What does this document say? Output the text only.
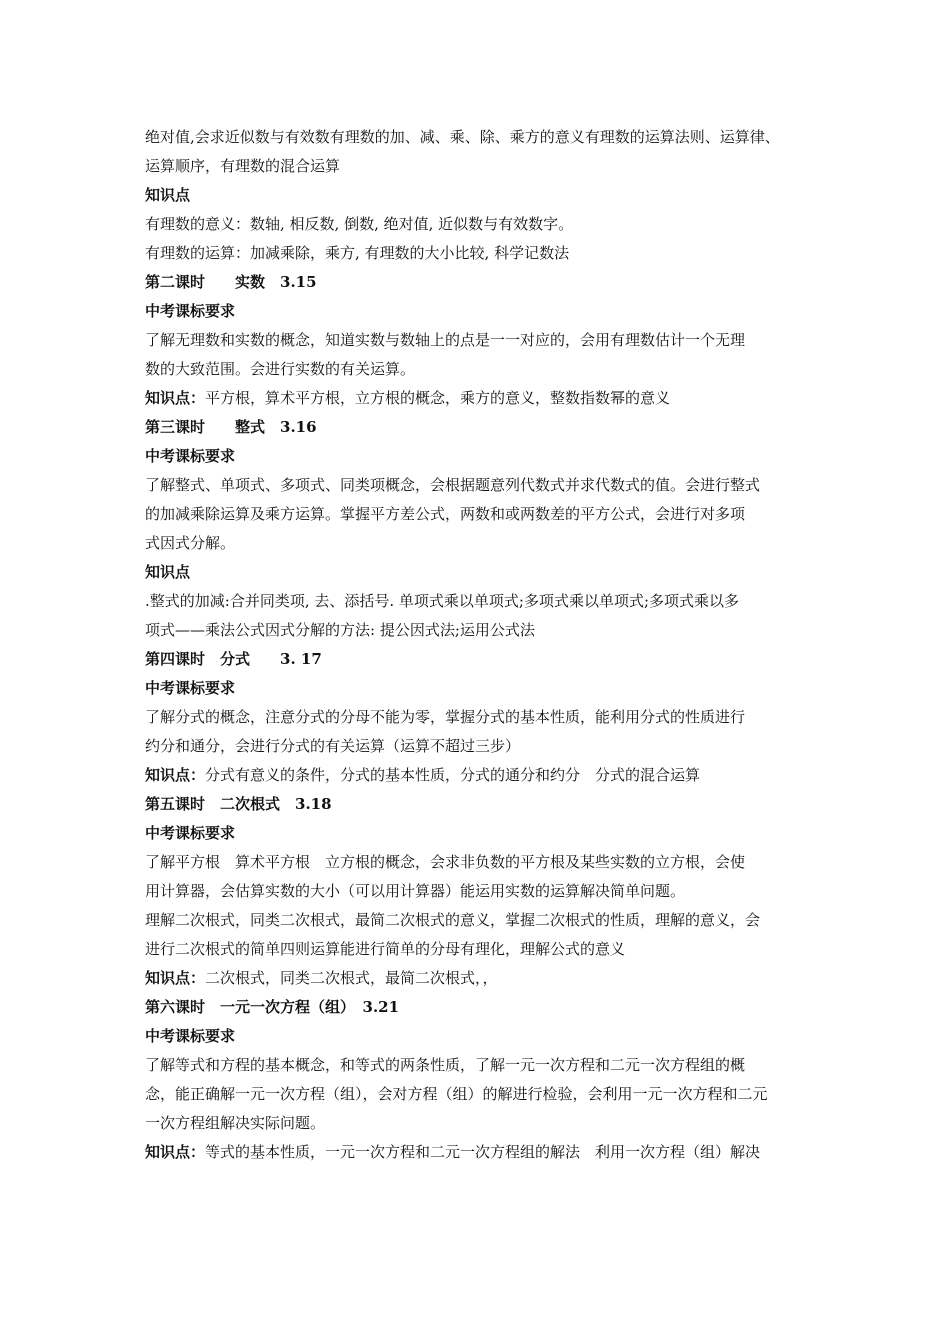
绝对值,会求近似数与有效数有理数的加、减、乘、除、乘方的意义有理数的运算法则、运算律、
运算顺序，有理数的混合运算
知识点
有理数的意义：数轴, 相反数, 倒数, 绝对值, 近似数与有效数字。
有理数的运算：加减乘除，乘方, 有理数的大小比较, 科学记数法
第二课时　　实数　3.15
中考课标要求
了解无理数和实数的概念，知道实数与数轴上的点是一一对应的，会用有理数估计一个无理
数的大致范围。会进行实数的有关运算。
知识点：平方根，算术平方根，立方根的概念，乘方的意义，整数指数幂的意义
第三课时　　整式　3.16
中考课标要求
了解整式、单项式、多项式、同类项概念，会根据题意列代数式并求代数式的值。会进行整式
的加减乘除运算及乘方运算。掌握平方差公式，两数和或两数差的平方公式，会进行对多项
式因式分解。
知识点
.整式的加减:合并同类项, 去、添括号. 单项式乘以单项式;多项式乘以单项式;多项式乘以多
项式——乘法公式因式分解的方法: 提公因式法;运用公式法
第四课时　分式　　3. 17
中考课标要求
了解分式的概念，注意分式的分母不能为零，掌握分式的基本性质，能利用分式的性质进行
约分和通分，会进行分式的有关运算（运算不超过三步）
知识点：分式有意义的条件，分式的基本性质，分式的通分和约分　分式的混合运算
第五课时　二次根式　3.18
中考课标要求
了解平方根　算术平方根　立方根的概念，会求非负数的平方根及某些实数的立方根，会使
用计算器，会估算实数的大小（可以用计算器）能运用实数的运算解决简单问题。
理解二次根式，同类二次根式，最简二次根式的意义，掌握二次根式的性质，理解的意义，会
进行二次根式的简单四则运算能进行简单的分母有理化，理解公式的意义
知识点：二次根式，同类二次根式，最简二次根式，，
第六课时　一元一次方程（组）　3.21
中考课标要求
了解等式和方程的基本概念，和等式的两条性质，了解一元一次方程和二元一次方程组的概
念，能正确解一元一次方程（组），会对方程（组）的解进行检验，会利用一元一次方程和二元
一次方程组解决实际问题。
知识点：等式的基本性质，一元一次方程和二元一次方程组的解法　利用一次方程（组）解决
